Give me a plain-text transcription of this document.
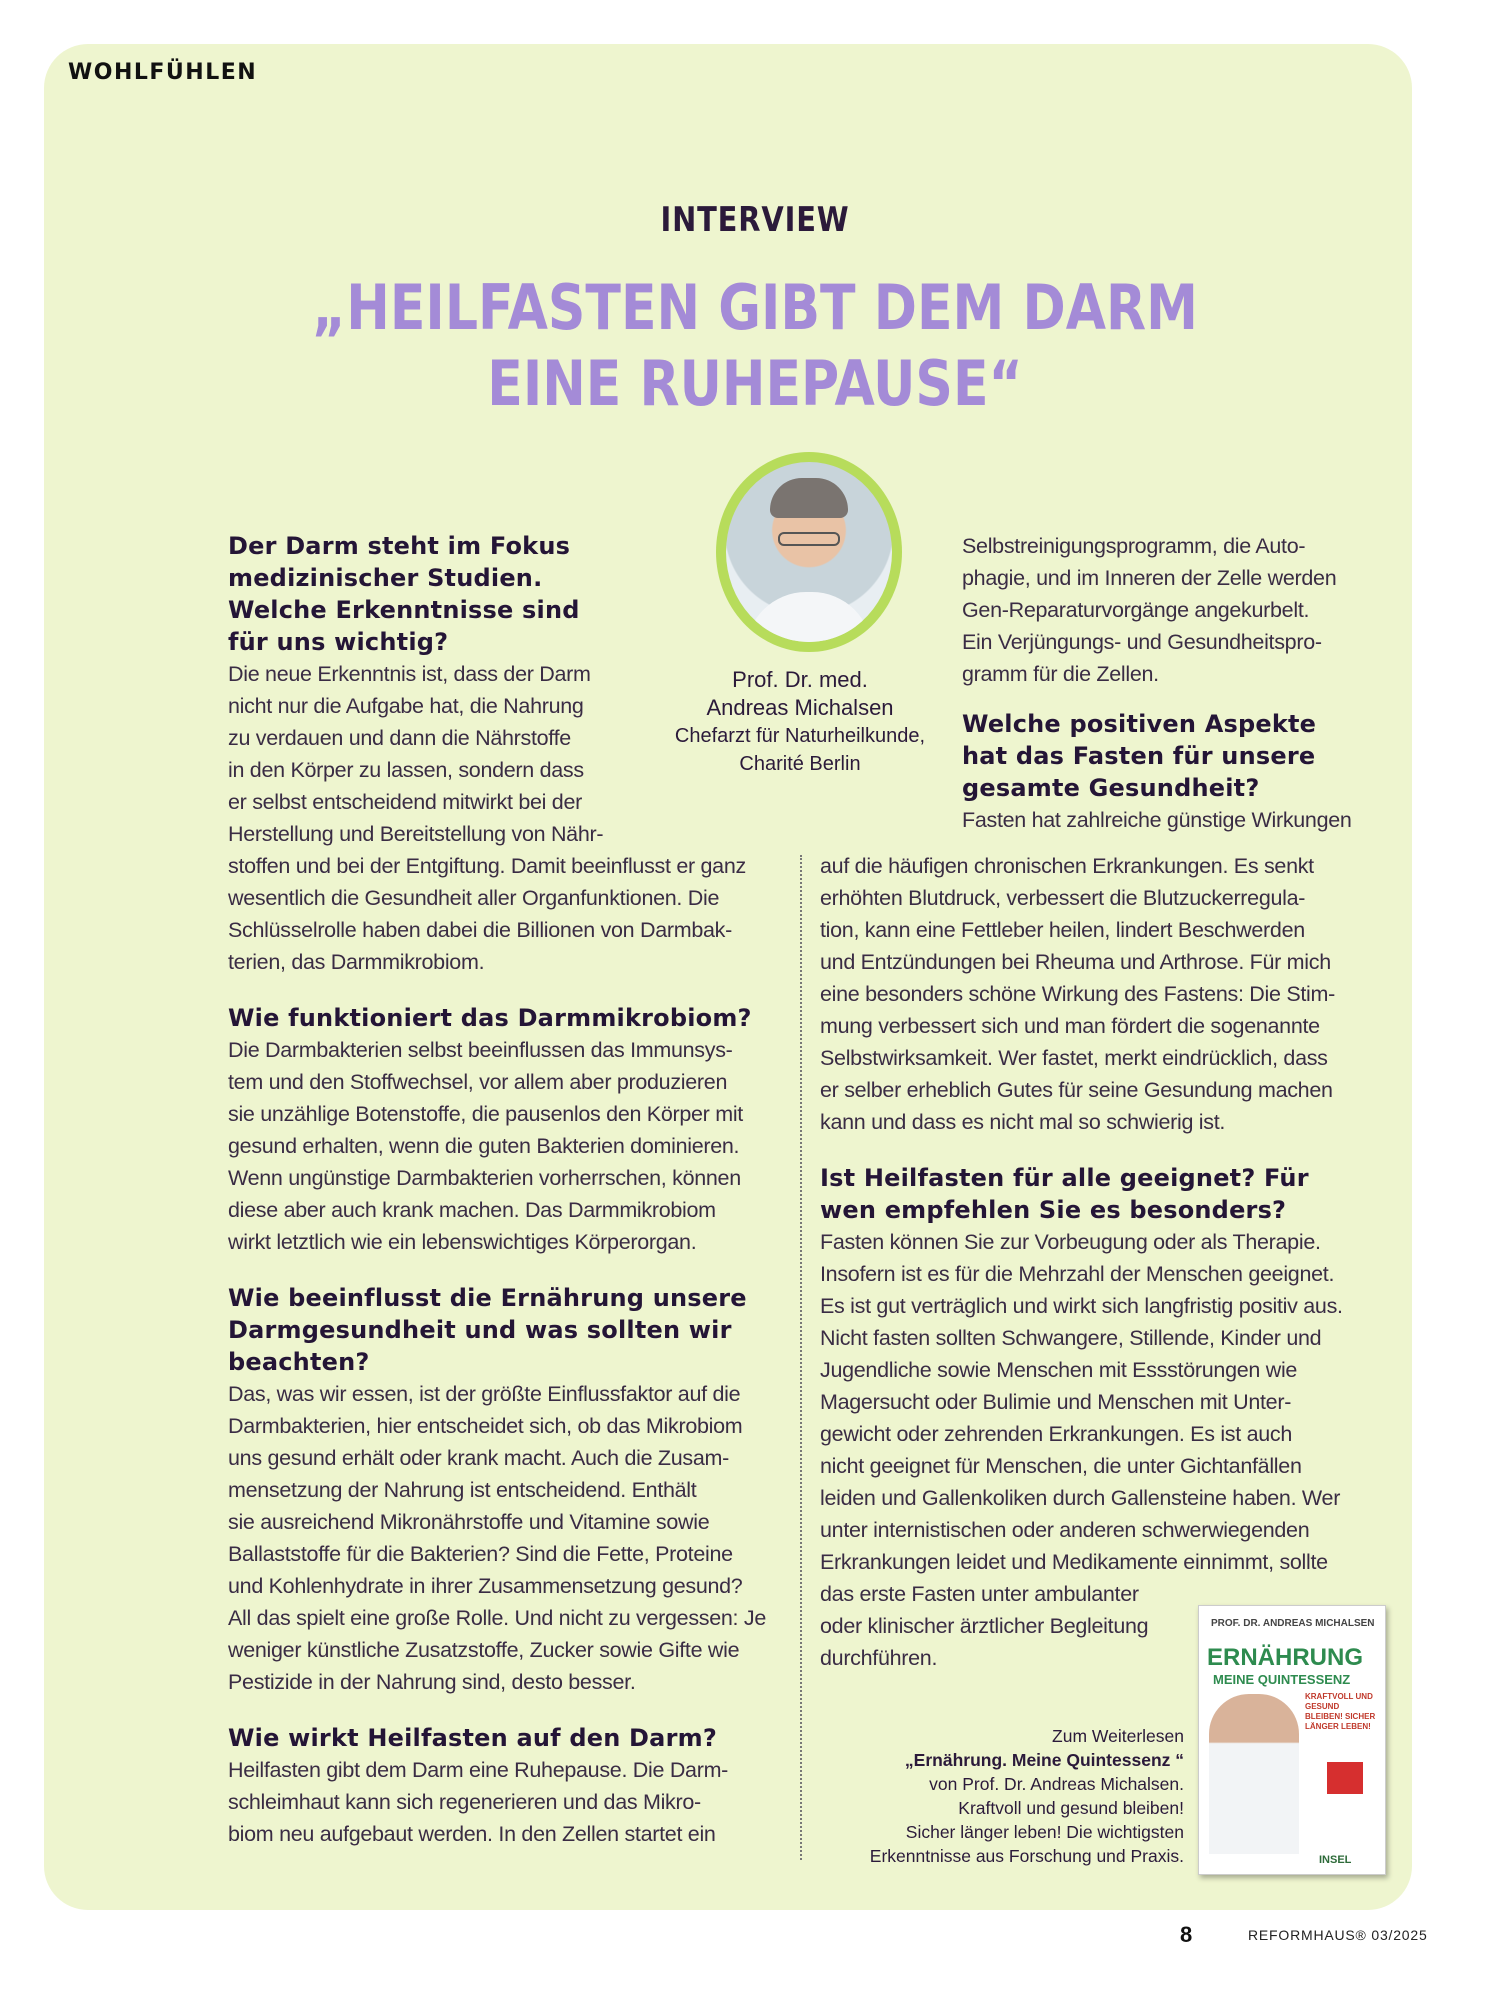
WOHLFÜHLEN
INTERVIEW
„HEILFASTEN GIBT DEM DARM
EINE RUHEPAUSE“
Prof. Dr. med.
Andreas Michalsen
Chefarzt für Naturheilkunde,
Charité Berlin

Der Darm steht im Fokus

medizinischer Studien.

Welche Erkenntnisse sind

für uns wichtig?

Die neue Erkenntnis ist, dass der Darm

nicht nur die Aufgabe hat, die Nahrung

zu verdauen und dann die Nährstoffe

in den Körper zu lassen, sondern dass

er selbst entscheidend mitwirkt bei der

Herstellung und Bereitstellung von Nähr-

stoffen und bei der Entgiftung. Damit beeinflusst er ganz

wesentlich die Gesundheit aller Organfunktionen. Die

Schlüsselrolle haben dabei die Billionen von Darmbak-

terien, das Darmmikrobiom.

Wie funktioniert das Darmmikrobiom?

Die Darmbakterien selbst beeinflussen das Immunsys-

tem und den Stoffwechsel, vor allem aber produzieren

sie unzählige Botenstoffe, die pausenlos den Körper mit

gesund erhalten, wenn die guten Bakterien dominieren.

Wenn ungünstige Darmbakterien vorherrschen, können

diese aber auch krank machen. Das Darmmikrobiom

wirkt letztlich wie ein lebenswichtiges Körperorgan.

Wie beeinflusst die Ernährung unsere

Darmgesundheit und was sollten wir

beachten?

Das, was wir essen, ist der größte Einflussfaktor auf die

Darmbakterien, hier entscheidet sich, ob das Mikrobiom

uns gesund erhält oder krank macht. Auch die Zusam-

mensetzung der Nahrung ist entscheidend. Enthält

sie ausreichend Mikronährstoffe und Vitamine sowie

Ballaststoffe für die Bakterien? Sind die Fette, Proteine

und Kohlenhydrate in ihrer Zusammensetzung gesund?

All das spielt eine große Rolle. Und nicht zu vergessen: Je

weniger künstliche Zusatzstoffe, Zucker sowie Gifte wie

Pestizide in der Nahrung sind, desto besser.

Wie wirkt Heilfasten auf den Darm?

Heilfasten gibt dem Darm eine Ruhepause. Die Darm-

schleimhaut kann sich regenerieren und das Mikro-

biom neu aufgebaut werden. In den Zellen startet ein

Selbstreinigungsprogramm, die Auto-

phagie, und im Inneren der Zelle werden

Gen-Reparaturvorgänge angekurbelt.

Ein Verjüngungs- und Gesundheitspro-

gramm für die Zellen.

Welche positiven Aspekte

hat das Fasten für unsere

gesamte Gesundheit?

Fasten hat zahlreiche günstige Wirkungen

auf die häufigen chronischen Erkrankungen. Es senkt

erhöhten Blutdruck, verbessert die Blutzuckerregula-

tion, kann eine Fettleber heilen, lindert Beschwerden

und Entzündungen bei Rheuma und Arthrose. Für mich

eine besonders schöne Wirkung des Fastens: Die Stim-

mung verbessert sich und man fördert die sogenannte

Selbstwirksamkeit. Wer fastet, merkt eindrücklich, dass

er selber erheblich Gutes für seine Gesundung machen

kann und dass es nicht mal so schwierig ist.

Ist Heilfasten für alle geeignet? Für

wen empfehlen Sie es besonders?

Fasten können Sie zur Vorbeugung oder als Therapie.

Insofern ist es für die Mehrzahl der Menschen geeignet.

Es ist gut verträglich und wirkt sich langfristig positiv aus.

Nicht fasten sollten Schwangere, Stillende, Kinder und

Jugendliche sowie Menschen mit Essstörungen wie

Magersucht oder Bulimie und Menschen mit Unter-

gewicht oder zehrenden Erkrankungen. Es ist auch

nicht geeignet für Menschen, die unter Gichtanfällen

leiden und Gallenkoliken durch Gallensteine haben. Wer

unter internistischen oder anderen schwerwiegenden

Erkrankungen leidet und Medikamente einnimmt, sollte

das erste Fasten unter ambulanter

oder klinischer ärztlicher Begleitung

durchführen.

PROF. DR. ANDREAS MICHALSEN
ERNÄHRUNG
MEINE QUINTESSENZ
KRAFTVOLL UND GESUND BLEIBEN! SICHER LÄNGER LEBEN!
INSEL
Zum Weiterlesen
„Ernährung. Meine Quintessenz “
von Prof. Dr. Andreas Michalsen.
Kraftvoll und gesund bleiben!
Sicher länger leben! Die wichtigsten
Erkenntnisse aus Forschung und Praxis.
8	REFORMHAUS® 03/2025
